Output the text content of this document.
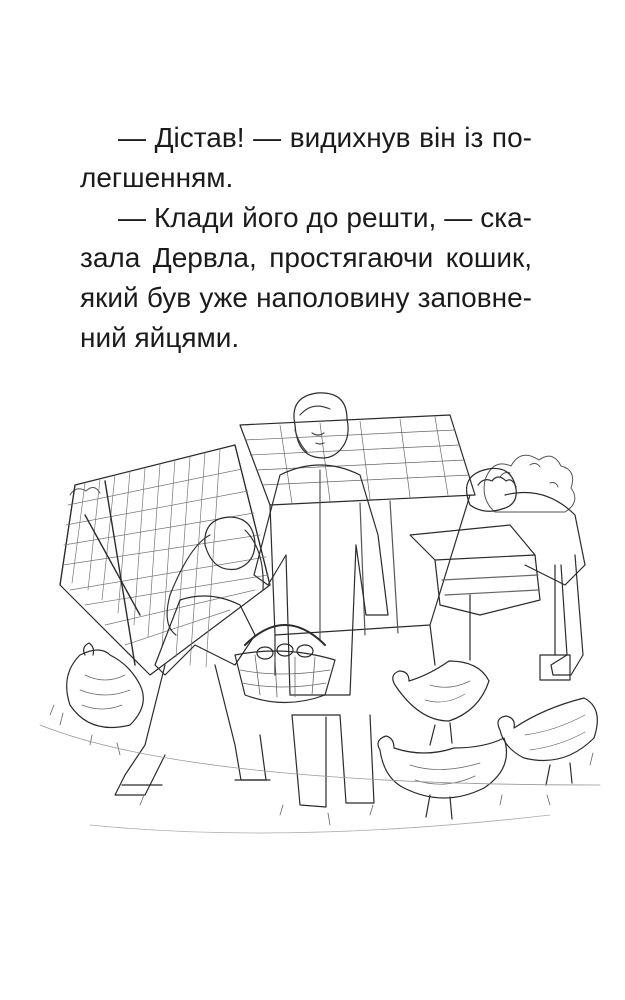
— Дістав! — видихнув він із по-
легшенням.
— Клади його до решти, — ска-
зала Дервла, простягаючи кошик,
який був уже наполовину заповне-
ний яйцями.
